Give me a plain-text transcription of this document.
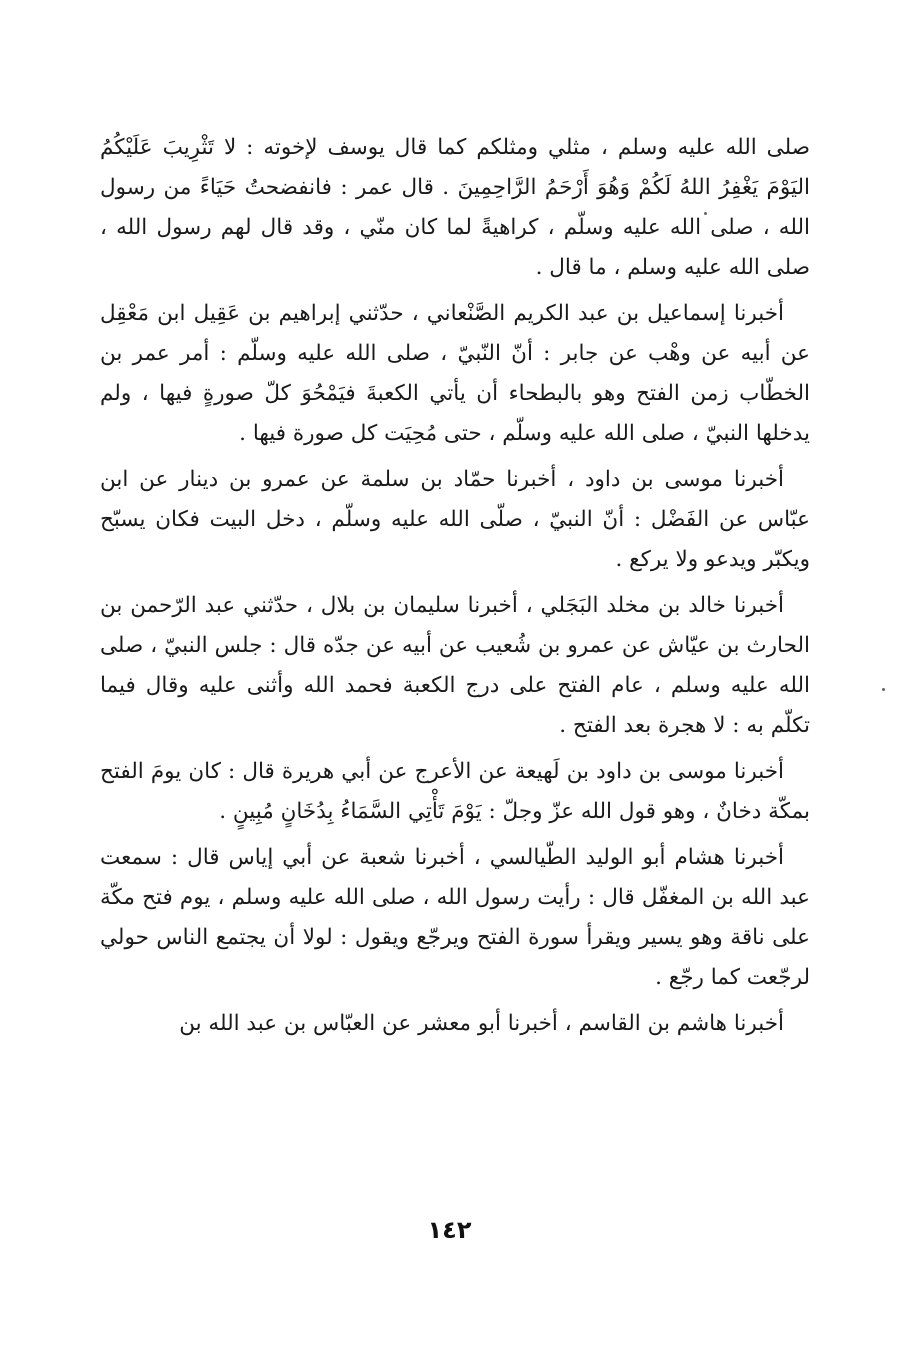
صلى الله عليه وسلم ، مثلي ومثلكم كما قال يوسف لإخوته : لا تَثْرِيبَ عَلَيْكُمُ اليَوْمَ يَغْفِرُ اللهُ لَكُمْ وَهُوَ أَرْحَمُ الرَّاحِمِينَ . قال عمر : فانفضحتُ حَيَاءً من رسول الله ، صلى الله عليه وسلّم ، كراهيةً لما كان منّي ، وقد قال لهم رسول الله ، صلى الله عليه وسلم ، ما قال .

أخبرنا إسماعيل بن عبد الكريم الصَّنْعاني ، حدّثني إبراهيم بن عَقِيل ابن مَعْقِل عن أبيه عن وهْب عن جابر : أنّ النّبيّ ، صلى الله عليه وسلّم : أمر عمر بن الخطّاب زمن الفتح وهو بالبطحاء أن يأتي الكعبةَ فيَمْحُوَ كلّ صورةٍ فيها ، ولم يدخلها النبيّ ، صلى الله عليه وسلّم ، حتى مُحِيَت كل صورة فيها .

أخبرنا موسى بن داود ، أخبرنا حمّاد بن سلمة عن عمرو بن دينار عن ابن عبّاس عن الفَضْل : أنّ النبيّ ، صلّى الله عليه وسلّم ، دخل البيت فكان يسبّح ويكبّر ويدعو ولا يركع .

أخبرنا خالد بن مخلد البَجَلي ، أخبرنا سليمان بن بلال ، حدّثني عبد الرّحمن بن الحارث بن عيّاش عن عمرو بن شُعيب عن أبيه عن جدّه قال : جلس النبيّ ، صلى الله عليه وسلم ، عام الفتح على درج الكعبة فحمد الله وأثنى عليه وقال فيما تكلّم به : لا هجرة بعد الفتح .

أخبرنا موسى بن داود بن لَهيعة عن الأعرج عن أبي هريرة قال : كان يومَ الفتح بمكّة دخانٌ ، وهو قول الله عزّ وجلّ : يَوْمَ تَأْتِي السَّمَاءُ بِدُخَانٍ مُبِينٍ .

أخبرنا هشام أبو الوليد الطّيالسي ، أخبرنا شعبة عن أبي إياس قال : سمعت عبد الله بن المغفّل قال : رأيت رسول الله ، صلى الله عليه وسلم ، يوم فتح مكّة على ناقة وهو يسير ويقرأ سورة الفتح ويرجّع ويقول : لولا أن يجتمع الناس حولي لرجّعت كما رجّع .

أخبرنا هاشم بن القاسم ، أخبرنا أبو معشر عن العبّاس بن عبد الله بن

١٤٢
